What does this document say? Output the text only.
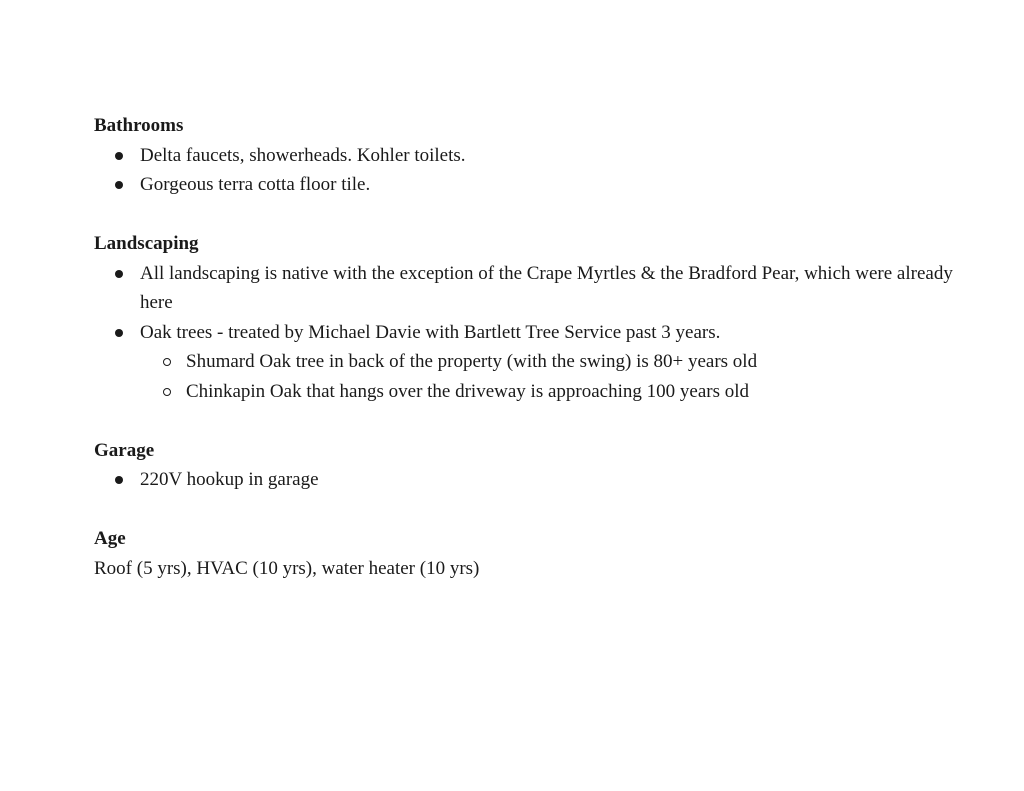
Bathrooms
Delta faucets, showerheads. Kohler toilets.
Gorgeous terra cotta floor tile.
Landscaping
All landscaping is native with the exception of the Crape Myrtles & the Bradford Pear, which were already here
Oak trees - treated by Michael Davie with Bartlett Tree Service past 3 years.
Shumard Oak tree in back of the property (with the swing) is 80+ years old
Chinkapin Oak that hangs over the driveway is approaching 100 years old
Garage
220V hookup in garage
Age
Roof (5 yrs), HVAC (10 yrs), water heater (10 yrs)
